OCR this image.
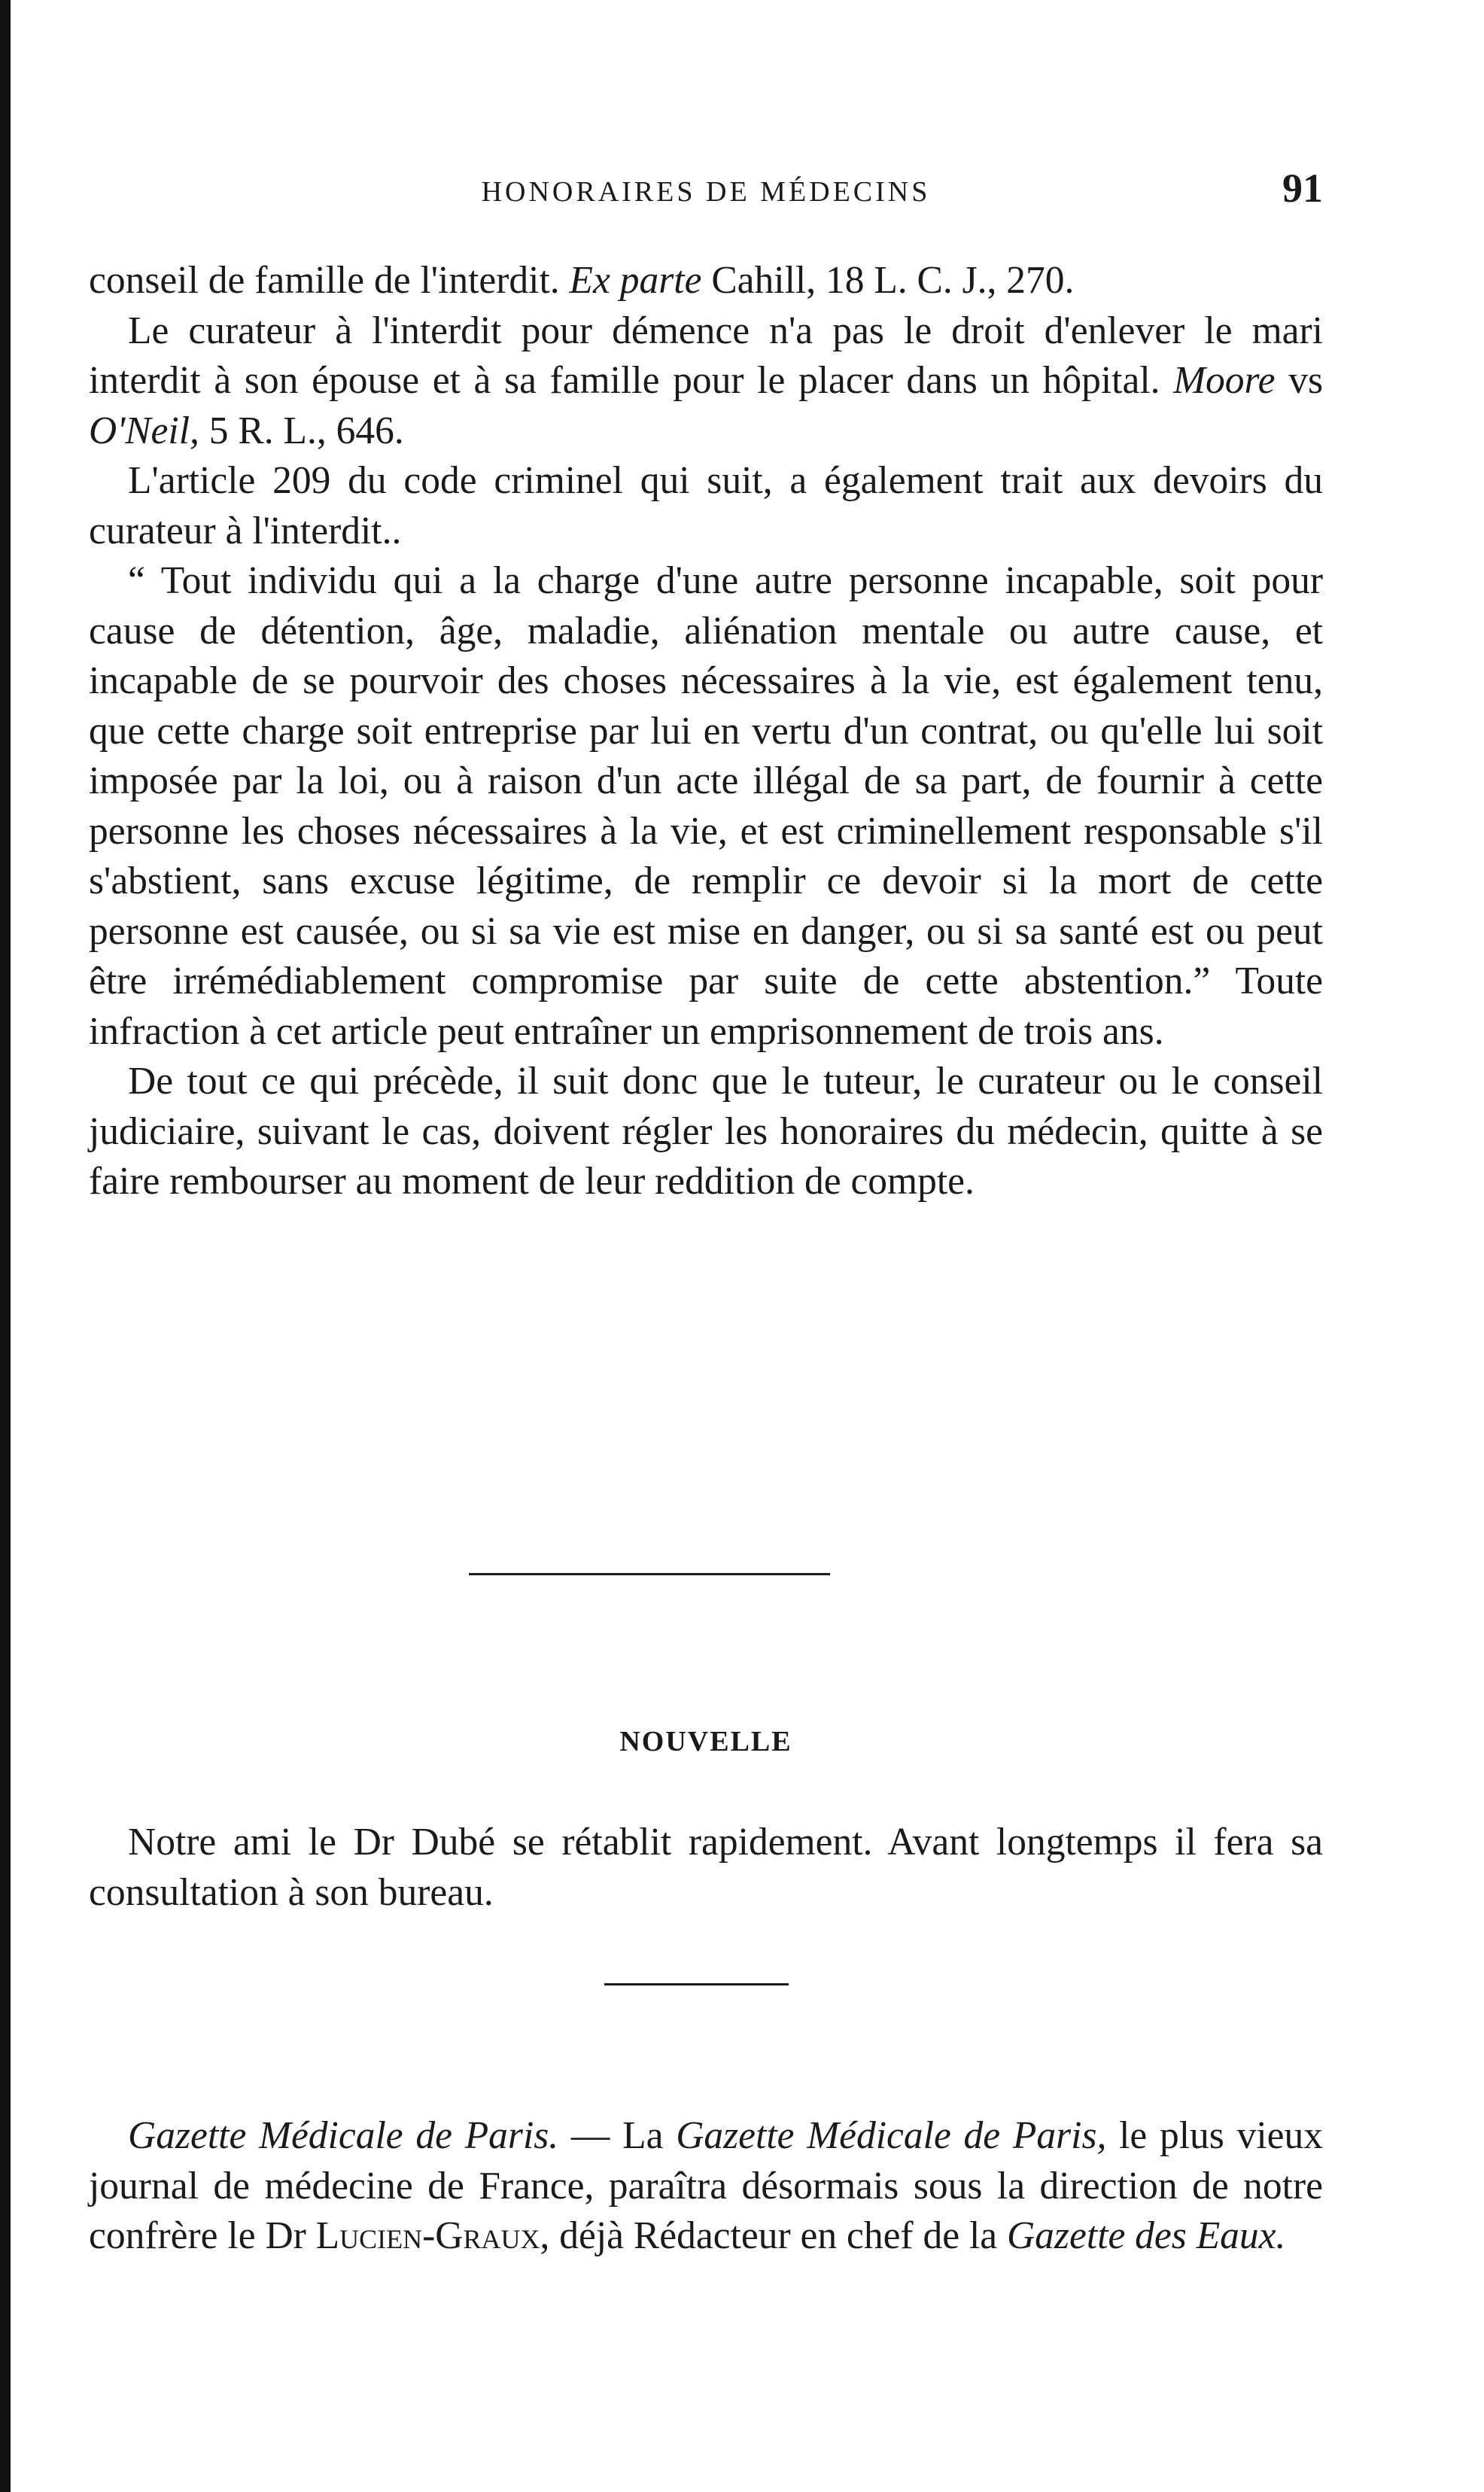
HONORAIRES DE MÉDECINS	91

conseil de famille de l'interdit. Ex parte Cahill, 18 L. C. J., 270.

Le curateur à l'interdit pour démence n'a pas le droit d'enlever le mari interdit à son épouse et à sa famille pour le placer dans un hôpital. Moore vs O'Neil, 5 R. L., 646.

L'article 209 du code criminel qui suit, a également trait aux devoirs du curateur à l'interdit..

“ Tout individu qui a la charge d'une autre personne incapable, soit pour cause de détention, âge, maladie, aliénation mentale ou autre cause, et incapable de se pourvoir des choses nécessaires à la vie, est également tenu, que cette charge soit entreprise par lui en vertu d'un contrat, ou qu'elle lui soit imposée par la loi, ou à raison d'un acte illégal de sa part, de fournir à cette personne les choses nécessaires à la vie, et est criminellement responsable s'il s'abstient, sans excuse légitime, de remplir ce devoir si la mort de cette personne est causée, ou si sa vie est mise en danger, ou si sa santé est ou peut être irrémédiablement compromise par suite de cette abstention.” Toute infraction à cet article peut entraîner un emprisonnement de trois ans.

De tout ce qui précède, il suit donc que le tuteur, le curateur ou le conseil judiciaire, suivant le cas, doivent régler les honoraires du médecin, quitte à se faire rembourser au moment de leur reddition de compte.

NOUVELLE

Notre ami le Dr Dubé se rétablit rapidement. Avant longtemps il fera sa consultation à son bureau.

Gazette Médicale de Paris. — La Gazette Médicale de Paris, le plus vieux journal de médecine de France, paraîtra désormais sous la direction de notre confrère le Dr Lucien-Graux, déjà Rédacteur en chef de la Gazette des Eaux.
